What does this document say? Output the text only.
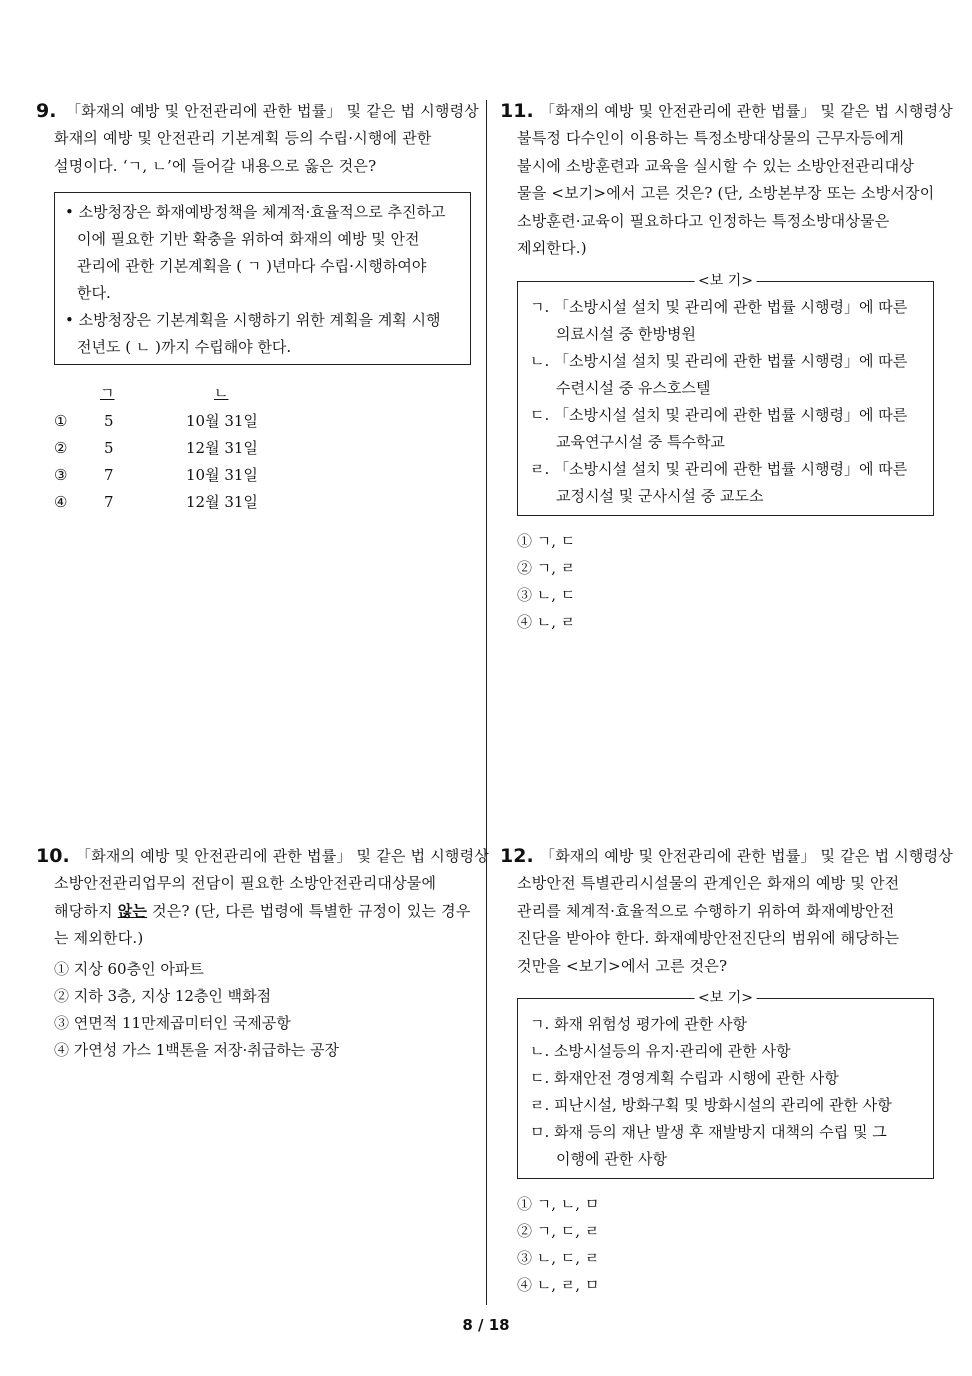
9. 「화재의 예방 및 안전관리에 관한 법률」 및 같은 법 시행령상
화재의 예방 및 안전관리 기본계획 등의 수립·시행에 관한
설명이다. ‘ㄱ, ㄴ’에 들어갈 내용으로 옳은 것은?
• 소방청장은 화재예방정책을 체계적·효율적으로 추진하고
이에 필요한 기반 확충을 위하여 화재의 예방 및 안전
관리에 관한 기본계획을 ( ㄱ )년마다 수립·시행하여야
한다.
• 소방청장은 기본계획을 시행하기 위한 계획을 계획 시행
전년도 ( ㄴ )까지 수립해야 한다.
ㄱ	ㄴ
① 5	10월 31일
② 5	12월 31일
③ 7	10월 31일
④ 7	12월 31일
10. 「화재의 예방 및 안전관리에 관한 법률」 및 같은 법 시행령상
소방안전관리업무의 전담이 필요한 소방안전관리대상물에
해당하지 않는 것은? (단, 다른 법령에 특별한 규정이 있는 경우
는 제외한다.)
① 지상 60층인 아파트
② 지하 3층, 지상 12층인 백화점
③ 연면적 11만제곱미터인 국제공항
④ 가연성 가스 1백톤을 저장·취급하는 공장
11. 「화재의 예방 및 안전관리에 관한 법률」 및 같은 법 시행령상
불특정 다수인이 이용하는 특정소방대상물의 근무자등에게
불시에 소방훈련과 교육을 실시할 수 있는 소방안전관리대상
물을 <보기>에서 고른 것은? (단, 소방본부장 또는 소방서장이
소방훈련·교육이 필요하다고 인정하는 특정소방대상물은
제외한다.)
<보 기>
ㄱ. 「소방시설 설치 및 관리에 관한 법률 시행령」에 따른
의료시설 중 한방병원
ㄴ. 「소방시설 설치 및 관리에 관한 법률 시행령」에 따른
수련시설 중 유스호스텔
ㄷ. 「소방시설 설치 및 관리에 관한 법률 시행령」에 따른
교육연구시설 중 특수학교
ㄹ. 「소방시설 설치 및 관리에 관한 법률 시행령」에 따른
교정시설 및 군사시설 중 교도소
① ㄱ, ㄷ
② ㄱ, ㄹ
③ ㄴ, ㄷ
④ ㄴ, ㄹ
12. 「화재의 예방 및 안전관리에 관한 법률」 및 같은 법 시행령상
소방안전 특별관리시설물의 관계인은 화재의 예방 및 안전
관리를 체계적·효율적으로 수행하기 위하여 화재예방안전
진단을 받아야 한다. 화재예방안전진단의 범위에 해당하는
것만을 <보기>에서 고른 것은?
<보 기>
ㄱ. 화재 위험성 평가에 관한 사항
ㄴ. 소방시설등의 유지·관리에 관한 사항
ㄷ. 화재안전 경영계획 수립과 시행에 관한 사항
ㄹ. 피난시설, 방화구획 및 방화시설의 관리에 관한 사항
ㅁ. 화재 등의 재난 발생 후 재발방지 대책의 수립 및 그
이행에 관한 사항
① ㄱ, ㄴ, ㅁ
② ㄱ, ㄷ, ㄹ
③ ㄴ, ㄷ, ㄹ
④ ㄴ, ㄹ, ㅁ
8 / 18
